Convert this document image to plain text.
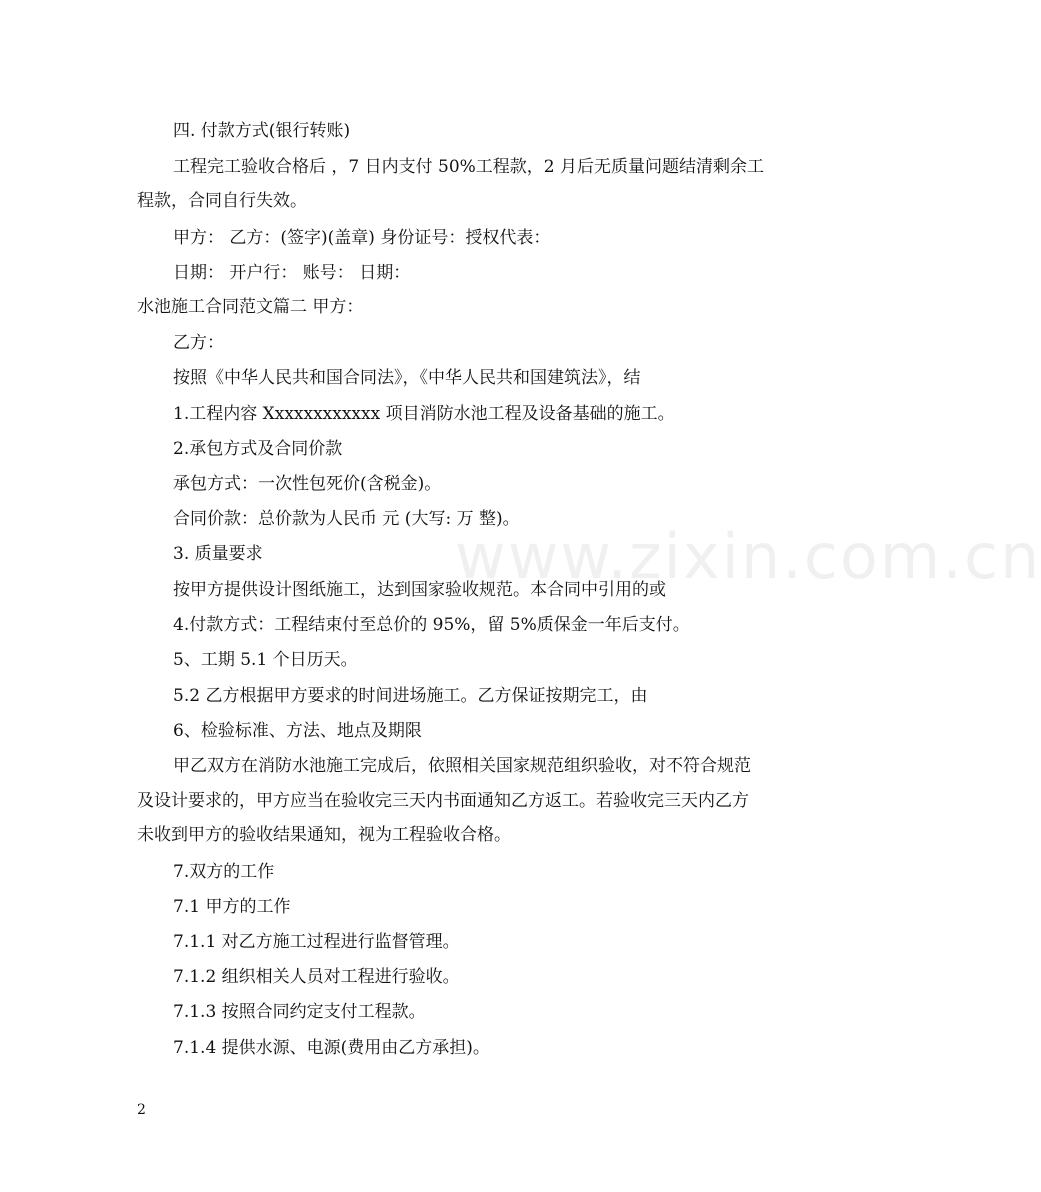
www.zixin.com.cn
四. 付款方式(银行转账)
工程完工验收合格后 ，7 日内支付 50%工程款，2 月后无质量问题结清剩余工
程款，合同自行失效。
甲方： 乙方：(签字)(盖章) 身份证号：授权代表：
日期： 开户行： 账号： 日期：
水池施工合同范文篇二 甲方：
乙方：
按照《中华人民共和国合同法》，《中华人民共和国建筑法》，结
1.工程内容 Xxxxxxxxxxxx 项目消防水池工程及设备基础的施工。
2.承包方式及合同价款
承包方式：一次性包死价(含税金)。
合同价款：总价款为人民币 元 (大写: 万 整)。
3. 质量要求
按甲方提供设计图纸施工，达到国家验收规范。本合同中引用的或
4.付款方式：工程结束付至总价的 95%，留 5%质保金一年后支付。
5、工期 5.1 个日历天。
5.2 乙方根据甲方要求的时间进场施工。乙方保证按期完工，由
6、检验标准、方法、地点及期限
甲乙双方在消防水池施工完成后，依照相关国家规范组织验收，对不符合规范
及设计要求的，甲方应当在验收完三天内书面通知乙方返工。若验收完三天内乙方
未收到甲方的验收结果通知，视为工程验收合格。
7.双方的工作
7.1 甲方的工作
7.1.1 对乙方施工过程进行监督管理。
7.1.2 组织相关人员对工程进行验收。
7.1.3 按照合同约定支付工程款。
7.1.4 提供水源、电源(费用由乙方承担)。
2
